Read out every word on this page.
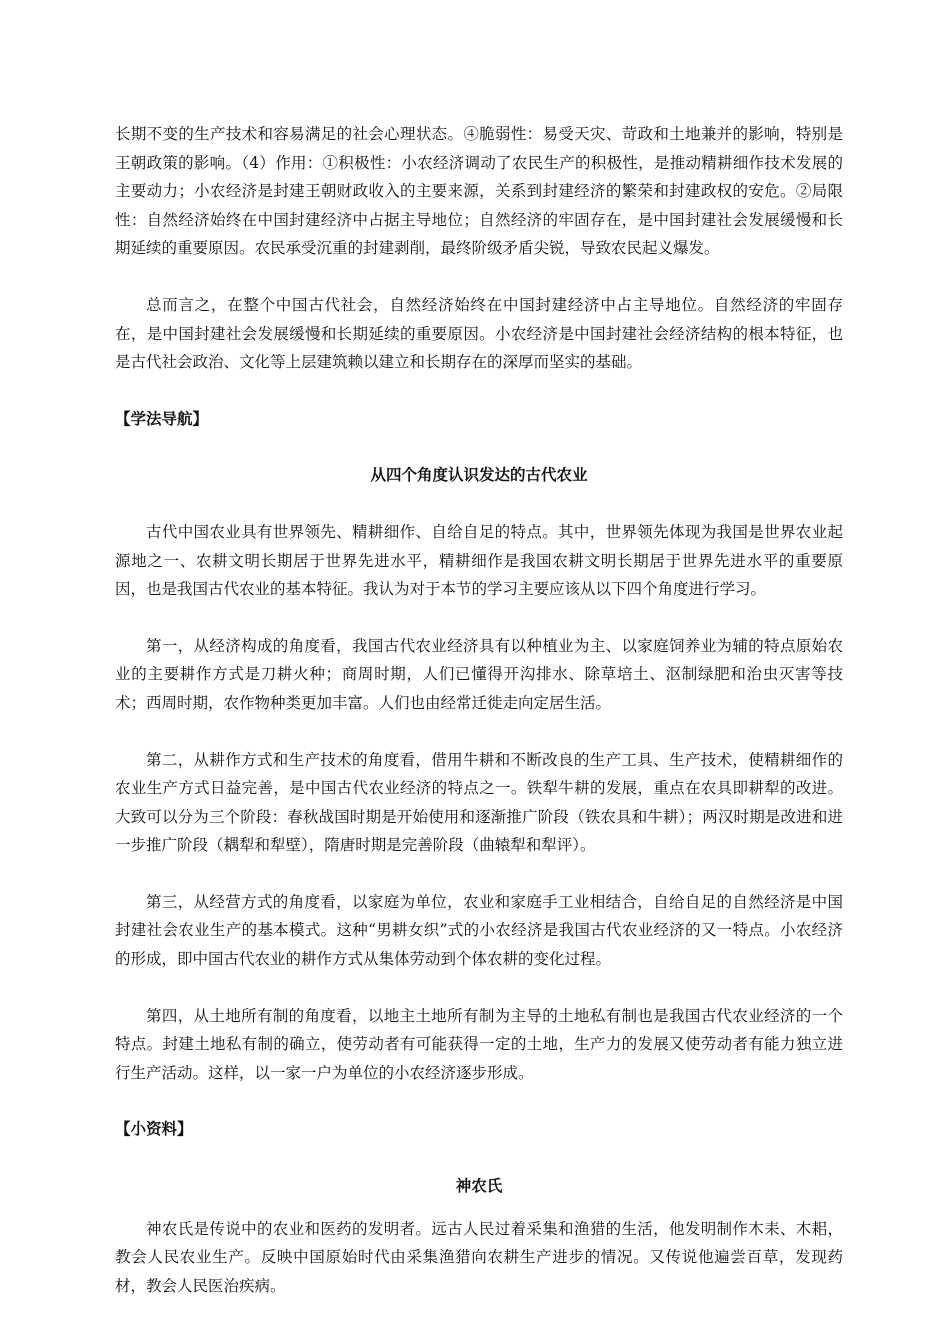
长期不变的生产技术和容易满足的社会心理状态。④脆弱性：易受天灾、苛政和土地兼并的影响，特别是王朝政策的影响。（4）作用：①积极性：小农经济调动了农民生产的积极性，是推动精耕细作技术发展的主要动力；小农经济是封建王朝财政收入的主要来源，关系到封建经济的繁荣和封建政权的安危。②局限性：自然经济始终在中国封建经济中占据主导地位；自然经济的牢固存在，是中国封建社会发展缓慢和长期延续的重要原因。农民承受沉重的封建剥削，最终阶级矛盾尖锐，导致农民起义爆发。

总而言之，在整个中国古代社会，自然经济始终在中国封建经济中占主导地位。自然经济的牢固存在，是中国封建社会发展缓慢和长期延续的重要原因。小农经济是中国封建社会经济结构的根本特征，也是古代社会政治、文化等上层建筑赖以建立和长期存在的深厚而坚实的基础。

【学法导航】

从四个角度认识发达的古代农业

古代中国农业具有世界领先、精耕细作、自给自足的特点。其中，世界领先体现为我国是世界农业起源地之一、农耕文明长期居于世界先进水平，精耕细作是我国农耕文明长期居于世界先进水平的重要原因，也是我国古代农业的基本特征。我认为对于本节的学习主要应该从以下四个角度进行学习。

第一，从经济构成的角度看，我国古代农业经济具有以种植业为主、以家庭饲养业为辅的特点原始农业的主要耕作方式是刀耕火种；商周时期，人们已懂得开沟排水、除草培土、沤制绿肥和治虫灭害等技术；西周时期，农作物种类更加丰富。人们也由经常迁徙走向定居生活。

第二，从耕作方式和生产技术的角度看，借用牛耕和不断改良的生产工具、生产技术，使精耕细作的农业生产方式日益完善，是中国古代农业经济的特点之一。铁犁牛耕的发展，重点在农具即耕犁的改进。大致可以分为三个阶段：春秋战国时期是开始使用和逐渐推广阶段（铁农具和牛耕）；两汉时期是改进和进一步推广阶段（耦犁和犁壁），隋唐时期是完善阶段（曲辕犁和犁评）。

第三，从经营方式的角度看，以家庭为单位，农业和家庭手工业相结合，自给自足的自然经济是中国封建社会农业生产的基本模式。这种“男耕女织”式的小农经济是我国古代农业经济的又一特点。小农经济的形成，即中国古代农业的耕作方式从集体劳动到个体农耕的变化过程。

第四，从土地所有制的角度看，以地主土地所有制为主导的土地私有制也是我国古代农业经济的一个特点。封建土地私有制的确立，使劳动者有可能获得一定的土地，生产力的发展又使劳动者有能力独立进行生产活动。这样，以一家一户为单位的小农经济逐步形成。

【小资料】

神农氏

神农氏是传说中的农业和医药的发明者。远古人民过着采集和渔猎的生活，他发明制作木耒、木耜，教会人民农业生产。反映中国原始时代由采集渔猎向农耕生产进步的情况。又传说他遍尝百草，发现药材，教会人民医治疾病。
